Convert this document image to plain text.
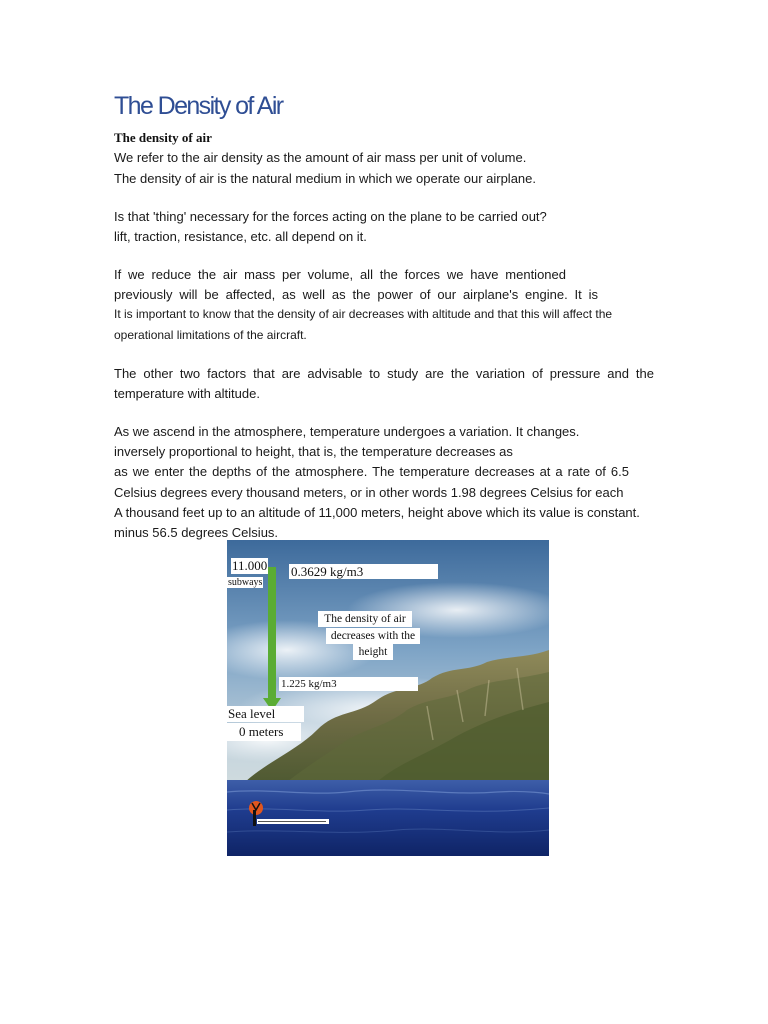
The Density of Air
The density of air
We refer to the air density as the amount of air mass per unit of volume.
The density of air is the natural medium in which we operate our airplane.
Is that 'thing' necessary for the forces acting on the plane to be carried out?
lift, traction, resistance, etc. all depend on it.
If we reduce the air mass per volume, all the forces we have mentioned
previously will be affected, as well as the power of our airplane's engine. It is
It is important to know that the density of air decreases with altitude and that this will affect the
operational limitations of the aircraft.
The other two factors that are advisable to study are the variation of pressure and the
temperature with altitude.
As we ascend in the atmosphere, temperature undergoes a variation. It changes.
inversely proportional to height, that is, the temperature decreases as
as we enter the depths of the atmosphere. The temperature decreases at a rate of 6.5
Celsius degrees every thousand meters, or in other words 1.98 degrees Celsius for each
A thousand feet up to an altitude of 11,000 meters, height above which its value is constant.
minus 56.5 degrees Celsius.
11.000
subways
0.3629 kg/m3
The density of air
decreases with the
height
1.225 kg/m3
Sea level
0 meters
